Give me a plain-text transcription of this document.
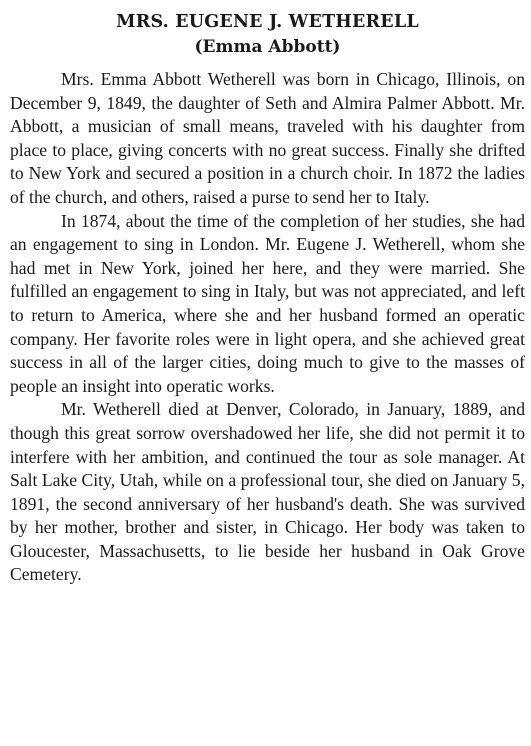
MRS. EUGENE J. WETHERELL
(Emma Abbott)

Mrs. Emma Abbott Wetherell was born in Chicago, Illinois, on December 9, 1849, the daughter of Seth and Almira Palmer Abbott. Mr. Abbott, a musician of small means, traveled with his daughter from place to place, giving concerts with no great success. Finally she drifted to New York and secured a position in a church choir. In 1872 the ladies of the church, and others, raised a purse to send her to Italy.

In 1874, about the time of the completion of her studies, she had an engagement to sing in London. Mr. Eugene J. Wetherell, whom she had met in New York, joined her here, and they were married. She fulfilled an engagement to sing in Italy, but was not appreciated, and left to return to America, where she and her husband formed an operatic company. Her favorite roles were in light opera, and she achieved great success in all of the larger cities, doing much to give to the masses of people an insight into operatic works.

Mr. Wetherell died at Denver, Colorado, in January, 1889, and though this great sorrow overshadowed her life, she did not permit it to interfere with her ambition, and continued the tour as sole manager. At Salt Lake City, Utah, while on a professional tour, she died on January 5, 1891, the second anniversary of her husband's death. She was survived by her mother, brother and sister, in Chicago. Her body was taken to Gloucester, Massachusetts, to lie beside her husband in Oak Grove Cemetery.
